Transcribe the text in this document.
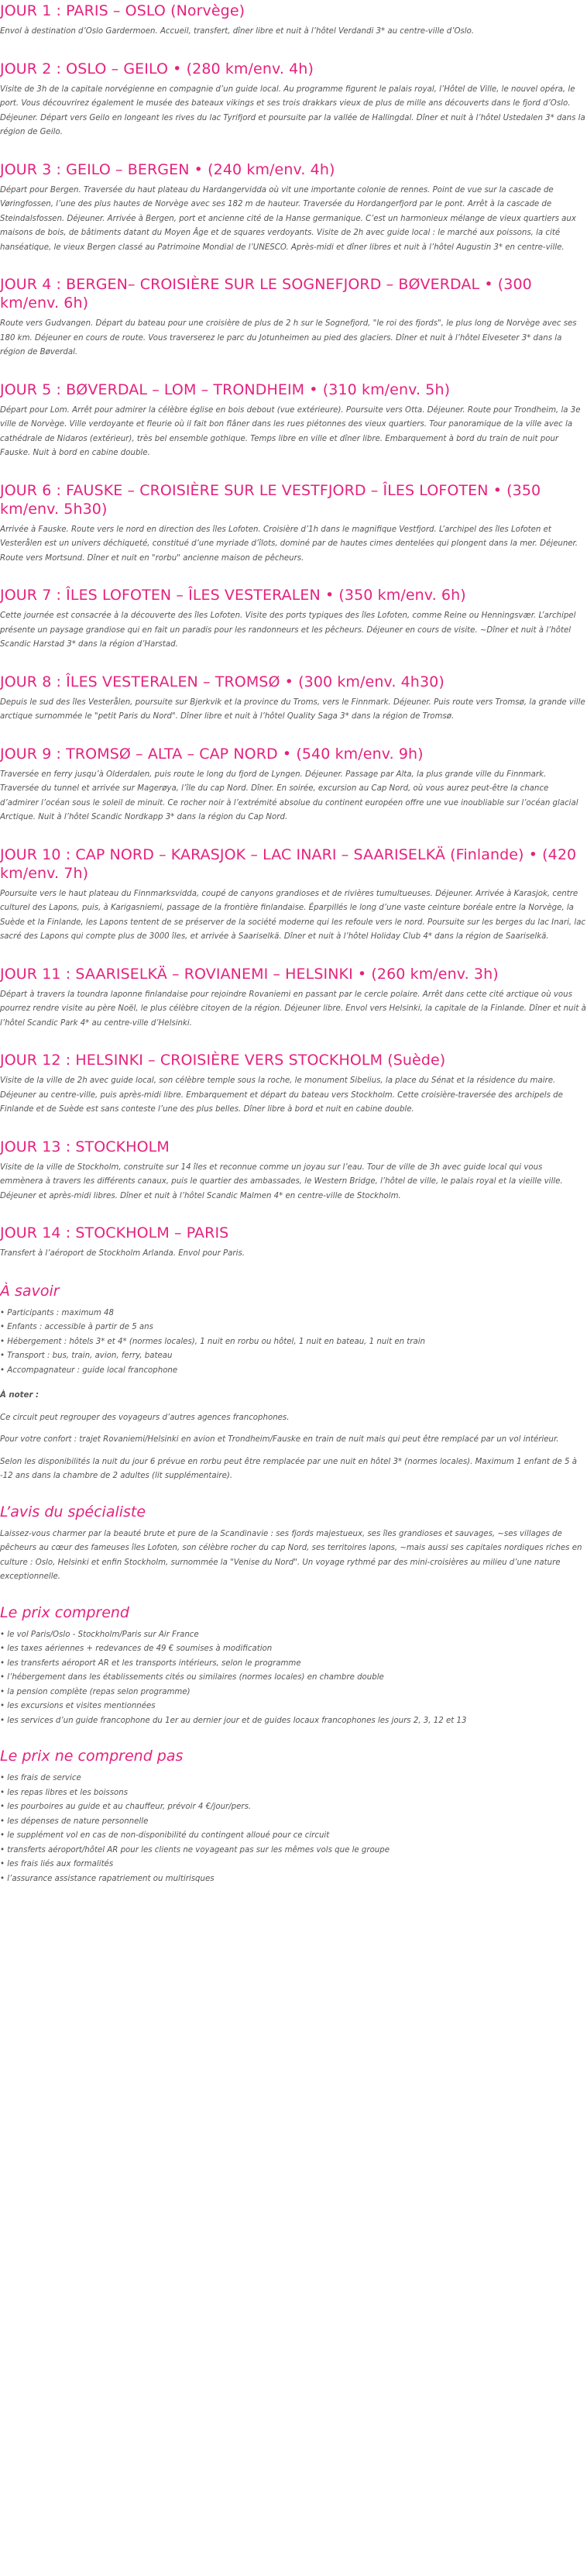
JOUR 1 : PARIS – OSLO (Norvège)

Envol à destination d’Oslo Gardermoen. Accueil, transfert, dîner libre et nuit à l’hôtel Verdandi 3* au centre-ville d’Oslo.

JOUR 2 : OSLO – GEILO • (280 km/env. 4h)

Visite de 3h de la capitale norvégienne en compagnie d’un guide local. Au programme figurent le palais royal, l’Hôtel de Ville, le nouvel opéra, le port. Vous découvrirez également le musée des bateaux vikings et ses trois drakkars vieux de plus de mille ans découverts dans le fjord d’Oslo. Déjeuner. Départ vers Geilo en longeant les rives du lac Tyrifjord et poursuite par la vallée de Hallingdal. Dîner et nuit à l’hôtel Ustedalen 3* dans la région de Geilo.

JOUR 3 : GEILO – BERGEN • (240 km/env. 4h)

Départ pour Bergen. Traversée du haut plateau du Hardangervidda où vit une importante colonie de rennes. Point de vue sur la cascade de Vøringfossen, l’une des plus hautes de Norvège avec ses 182 m de hauteur. Traversée du Hordangerfjord par le pont. Arrêt à la cascade de Steindalsfossen. Déjeuner. Arrivée à Bergen, port et ancienne cité de la Hanse germanique. C’est un harmonieux mélange de vieux quartiers aux maisons de bois, de bâtiments datant du Moyen Âge et de squares verdoyants. Visite de 2h avec guide local : le marché aux poissons, la cité hanséatique, le vieux Bergen classé au Patrimoine Mondial de l’UNESCO. Après-midi et dîner libres et nuit à l’hôtel Augustin 3* en centre-ville.

JOUR 4 : BERGEN– CROISIÈRE SUR LE SOGNEFJORD – BØVERDAL • (300 km/env. 6h)

Route vers Gudvangen. Départ du bateau pour une croisière de plus de 2 h sur le Sognefjord, "le roi des fjords", le plus long de Norvège avec ses 180 km. Déjeuner en cours de route. Vous traverserez le parc du Jotunheimen au pied des glaciers. Dîner et nuit à l’hôtel Elveseter 3* dans la région de Bøverdal.

JOUR 5 : BØVERDAL – LOM – TRONDHEIM • (310 km/env. 5h)

Départ pour Lom. Arrêt pour admirer la célèbre église en bois debout (vue extérieure). Poursuite vers Otta. Déjeuner. Route pour Trondheim, la 3e ville de Norvège. Ville verdoyante et fleurie où il fait bon flâner dans les rues piétonnes des vieux quartiers. Tour panoramique de la ville avec la cathédrale de Nidaros (extérieur), très bel ensemble gothique. Temps libre en ville et dîner libre. Embarquement à bord du train de nuit pour Fauske. Nuit à bord en cabine double.

JOUR 6 : FAUSKE – CROISIÈRE SUR LE VESTFJORD – ÎLES LOFOTEN • (350 km/env. 5h30)

Arrivée à Fauske. Route vers le nord en direction des îles Lofoten. Croisière d’1h dans le magnifique Vestfjord. L’archipel des îles Lofoten et Vesterålen est un univers déchiqueté, constitué d’une myriade d’îlots, dominé par de hautes cimes dentelées qui plongent dans la mer. Déjeuner. Route vers Mortsund. Dîner et nuit en "rorbu" ancienne maison de pêcheurs.

JOUR 7 : ÎLES LOFOTEN – ÎLES VESTERALEN • (350 km/env. 6h)

Cette journée est consacrée à la découverte des îles Lofoten. Visite des ports typiques des îles Lofoten, comme Reine ou Henningsvær. L’archipel présente un paysage grandiose qui en fait un paradis pour les randonneurs et les pêcheurs. Déjeuner en cours de visite. ~Dîner et nuit à l’hôtel Scandic Harstad 3* dans la région d’Harstad.

JOUR 8 : ÎLES VESTERALEN – TROMSØ • (300 km/env. 4h30)

Depuis le sud des îles Vesterålen, poursuite sur Bjerkvik et la province du Troms, vers le Finnmark. Déjeuner. Puis route vers Tromsø, la grande ville arctique surnommée le "petit Paris du Nord". Dîner libre et nuit à l’hôtel Quality Saga 3* dans la région de Tromsø.

JOUR 9 : TROMSØ – ALTA – CAP NORD • (540 km/env. 9h)

Traversée en ferry jusqu’à Olderdalen, puis route le long du fjord de Lyngen. Déjeuner. Passage par Alta, la plus grande ville du Finnmark. Traversée du tunnel et arrivée sur Magerøya, l’île du cap Nord. Dîner. En soirée, excursion au Cap Nord, où vous aurez peut-être la chance d’admirer l’océan sous le soleil de minuit. Ce rocher noir à l’extrémité absolue du continent européen offre une vue inoubliable sur l’océan glacial Arctique. Nuit à l’hôtel Scandic Nordkapp 3* dans la région du Cap Nord.

JOUR 10 : CAP NORD – KARASJOK – LAC INARI – SAARISELKÄ (Finlande) • (420 km/env. 7h)

Poursuite vers le haut plateau du Finnmarksvidda, coupé de canyons grandioses et de rivières tumultueuses. Déjeuner. Arrivée à Karasjok, centre culturel des Lapons, puis, à Karigasniemi, passage de la frontière finlandaise. Éparpillés le long d’une vaste ceinture boréale entre la Norvège, la Suède et la Finlande, les Lapons tentent de se préserver de la société moderne qui les refoule vers le nord. Poursuite sur les berges du lac Inari, lac sacré des Lapons qui compte plus de 3000 îles, et arrivée à Saariselkä. Dîner et nuit à l’hôtel Holiday Club 4* dans la région de Saariselkä.

JOUR 11 : SAARISELKÄ – ROVIANEMI – HELSINKI • (260 km/env. 3h)

Départ à travers la toundra laponne finlandaise pour rejoindre Rovaniemi en passant par le cercle polaire. Arrêt dans cette cité arctique où vous pourrez rendre visite au père Noël, le plus célèbre citoyen de la région. Déjeuner libre. Envol vers Helsinki, la capitale de la Finlande. Dîner et nuit à l’hôtel Scandic Park 4* au centre-ville d’Helsinki.

JOUR 12 : HELSINKI – CROISIÈRE VERS STOCKHOLM (Suède)

Visite de la ville de 2h avec guide local, son célèbre temple sous la roche, le monument Sibelius, la place du Sénat et la résidence du maire. Déjeuner au centre-ville, puis après-midi libre. Embarquement et départ du bateau vers Stockholm. Cette croisière-traversée des archipels de Finlande et de Suède est sans conteste l’une des plus belles. Dîner libre à bord et nuit en cabine double.

JOUR 13 : STOCKHOLM

Visite de la ville de Stockholm, construite sur 14 îles et reconnue comme un joyau sur l’eau. Tour de ville de 3h avec guide local qui vous emmènera à travers les différents canaux, puis le quartier des ambassades, le Western Bridge, l’hôtel de ville, le palais royal et la vieille ville. Déjeuner et après-midi libres. Dîner et nuit à l’hôtel Scandic Malmen 4* en centre-ville de Stockholm.

JOUR 14 : STOCKHOLM – PARIS

Transfert à l’aéroport de Stockholm Arlanda. Envol pour Paris.

À savoir
• Participants : maximum 48
• Enfants : accessible à partir de 5 ans
• Hébergement : hôtels 3* et 4* (normes locales), 1 nuit en rorbu ou hôtel, 1 nuit en bateau, 1 nuit en train
• Transport : bus, train, avion, ferry, bateau
• Accompagnateur : guide local francophone

À noter :

Ce circuit peut regrouper des voyageurs d’autres agences francophones.

Pour votre confort : trajet Rovaniemi/Helsinki en avion et Trondheim/Fauske en train de nuit mais qui peut être remplacé par un vol intérieur.

Selon les disponibilités la nuit du jour 6 prévue en rorbu peut être remplacée par une nuit en hôtel 3* (normes locales). Maximum 1 enfant de 5 à -12 ans dans la chambre de 2 adultes (lit supplémentaire).

L’avis du spécialiste

Laissez-vous charmer par la beauté brute et pure de la Scandinavie : ses fjords majestueux, ses îles grandioses et sauvages, ~ses villages de pêcheurs au cœur des fameuses îles Lofoten, son célèbre rocher du cap Nord, ses territoires lapons, ~mais aussi ses capitales nordiques riches en culture : Oslo, Helsinki et enfin Stockholm, surnommée la "Venise du Nord". Un voyage rythmé par des mini-croisières au milieu d’une nature exceptionnelle.

Le prix comprend
• le vol Paris/Oslo - Stockholm/Paris sur Air France
• les taxes aériennes + redevances de 49 € soumises à modification
• les transferts aéroport AR et les transports intérieurs, selon le programme
• l’hébergement dans les établissements cités ou similaires (normes locales) en chambre double
• la pension complète (repas selon programme)
• les excursions et visites mentionnées
• les services d’un guide francophone du 1er au dernier jour et de guides locaux francophones les jours 2, 3, 12 et 13
Le prix ne comprend pas
• les frais de service
• les repas libres et les boissons
• les pourboires au guide et au chauffeur, prévoir 4 €/jour/pers.
• les dépenses de nature personnelle
• le supplément vol en cas de non-disponibilité du contingent alloué pour ce circuit
• transferts aéroport/hôtel AR pour les clients ne voyageant pas sur les mêmes vols que le groupe
• les frais liés aux formalités
• l’assurance assistance rapatriement ou multirisques
